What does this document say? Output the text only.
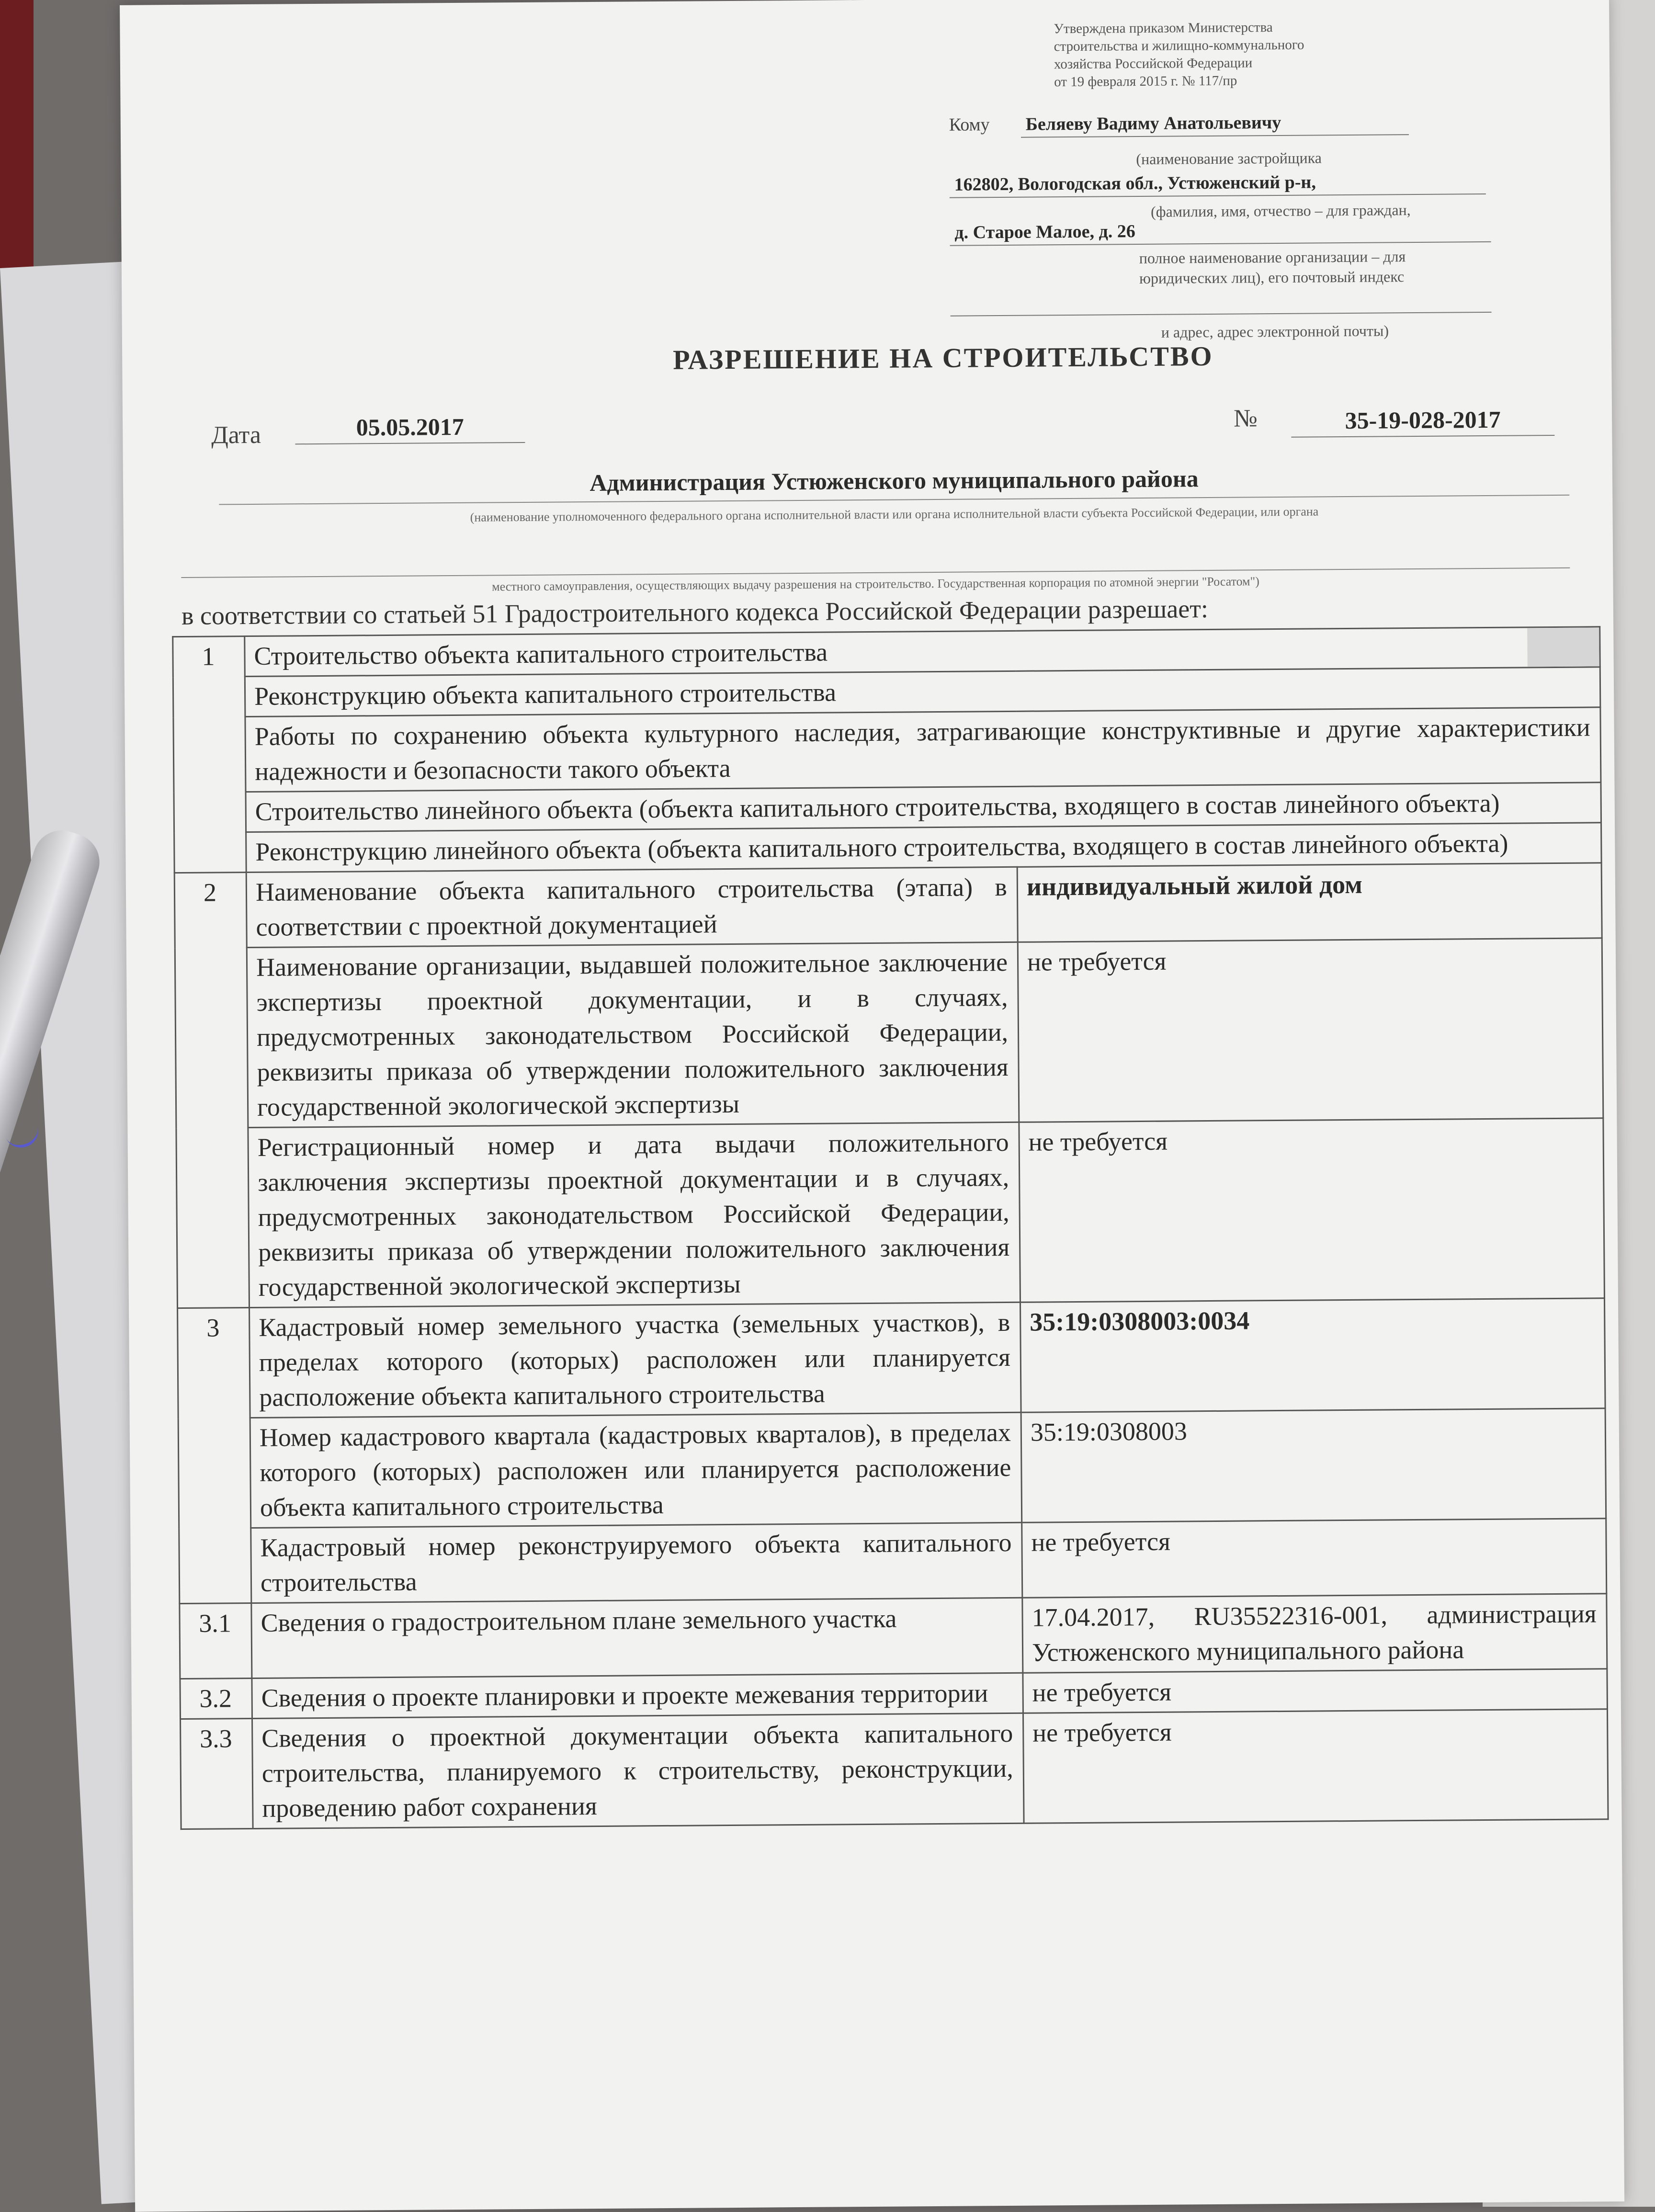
Утверждена приказом Министерства
строительства и жилищно-коммунального
хозяйства Российской Федерации
от 19 февраля 2015 г. № 117/пр
Кому Беляеву Вадиму Анатольевичу
(наименование застройщика
162802, Вологодская обл., Устюженский р-н,
(фамилия, имя, отчество – для граждан,
д. Старое Малое, д. 26
полное наименование организации – для
юридических лиц), его почтовый индекс
и адрес, адрес электронной почты)
РАЗРЕШЕНИЕ НА СТРОИТЕЛЬСТВО
Дата	05.05.2017	№	35-19-028-2017
Администрация Устюженского муниципального района
(наименование уполномоченного федерального органа исполнительной власти или органа исполнительной власти субъекта Российской Федерации, или органа
местного самоуправления, осуществляющих выдачу разрешения на строительство. Государственная корпорация по атомной энергии "Росатом")
в соответствии со статьей 51 Градостроительного кодекса Российской Федерации разрешает:
1	Строительство объекта капитального строительства	

	Реконструкцию объекта капитального строительства	
	Работы по сохранению объекта культурного наследия, затрагивающие конструктивные и другие характеристики надежности и безопасности такого объекта	
	Строительство линейного объекта (объекта капитального строительства, входящего в состав линейного объекта)	
	Реконструкцию линейного объекта (объекта капитального строительства, входящего в состав линейного объекта)	
2	Наименование объекта капитального строительства (этапа) в соответствии с проектной документацией	индивидуальный жилой дом
	Наименование организации, выдавшей положительное заключение экспертизы проектной документации, и в случаях, предусмотренных законодательством Российской Федерации, реквизиты приказа об утверждении положительного заключения государственной экологической экспертизы	не требуется
	Регистрационный номер и дата выдачи положительного заключения экспертизы проектной документации и в случаях, предусмотренных законодательством Российской Федерации, реквизиты приказа об утверждении положительного заключения государственной экологической экспертизы	не требуется
3	Кадастровый номер земельного участка (земельных участков), в пределах которого (которых) расположен или планируется расположение объекта капитального строительства	35:19:0308003:0034
	Номер кадастрового квартала (кадастровых кварталов), в пределах которого (которых) расположен или планируется расположение объекта капитального строительства	35:19:0308003
	Кадастровый номер реконструируемого объекта капитального строительства	не требуется
3.1	Сведения о градостроительном плане земельного участка	17.04.2017, RU35522316-001, администрация Устюженского муниципального района
3.2	Сведения о проекте планировки и проекте межевания территории	не требуется
3.3	Сведения о проектной документации объекта капитального строительства, планируемого к строительству, реконструкции, проведению работ сохранения	не требуется
